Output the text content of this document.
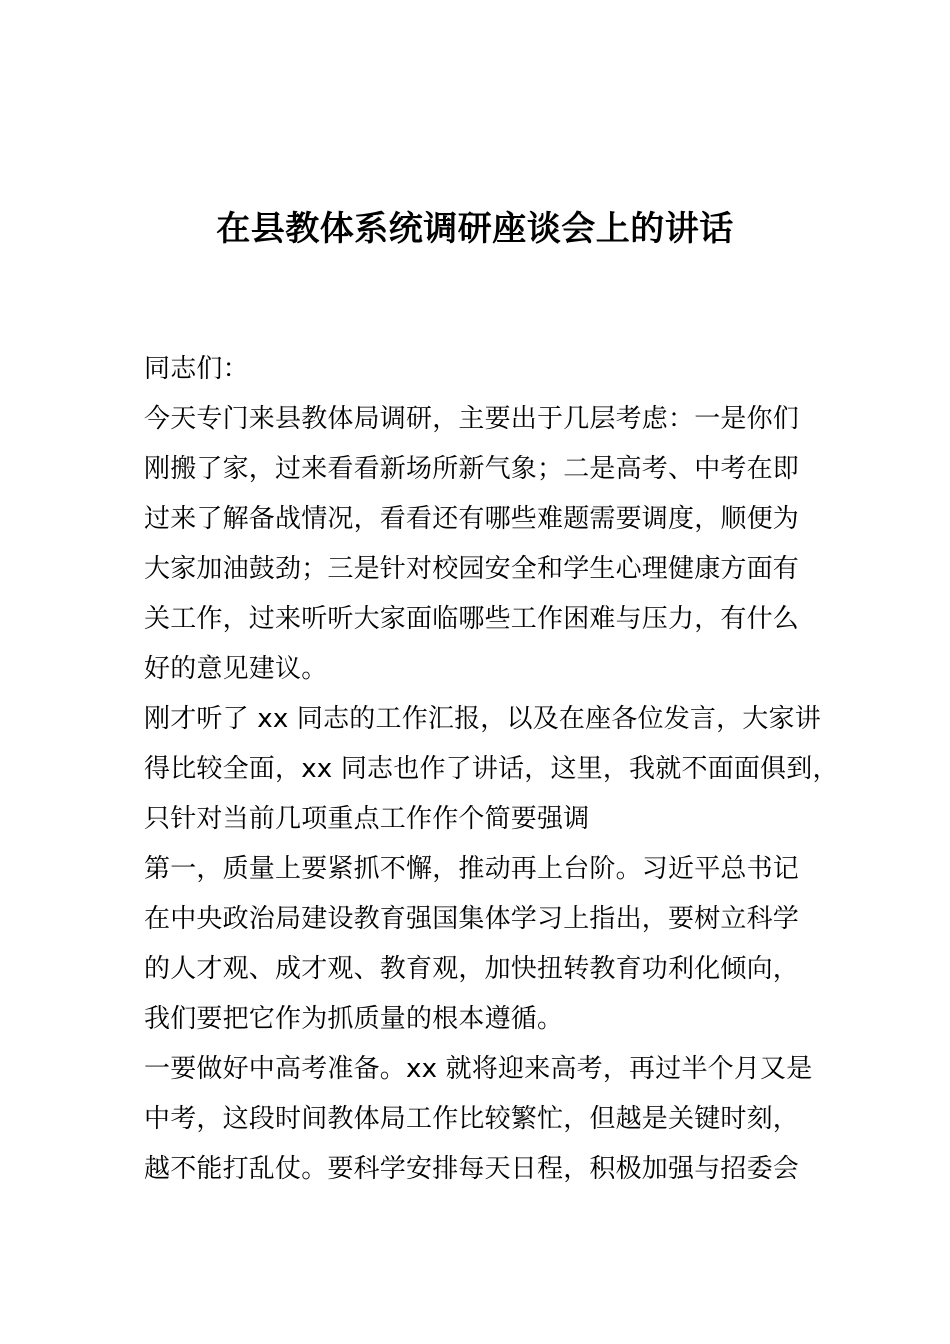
在县教体系统调研座谈会上的讲话
同志们：
今天专门来县教体局调研，主要出于几层考虑：一是你们
刚搬了家，过来看看新场所新气象；二是高考、中考在即
过来了解备战情况，看看还有哪些难题需要调度，顺便为
大家加油鼓劲；三是针对校园安全和学生心理健康方面有
关工作，过来听听大家面临哪些工作困难与压力，有什么
好的意见建议。
刚才听了 xx 同志的工作汇报，以及在座各位发言，大家讲
得比较全面，xx 同志也作了讲话，这里，我就不面面俱到，
只针对当前几项重点工作作个简要强调
第一，质量上要紧抓不懈，推动再上台阶。习近平总书记
在中央政治局建设教育强国集体学习上指出，要树立科学
的人才观、成才观、教育观，加快扭转教育功利化倾向，
我们要把它作为抓质量的根本遵循。
一要做好中高考准备。xx 就将迎来高考，再过半个月又是
中考，这段时间教体局工作比较繁忙，但越是关键时刻，
越不能打乱仗。要科学安排每天日程，积极加强与招委会
